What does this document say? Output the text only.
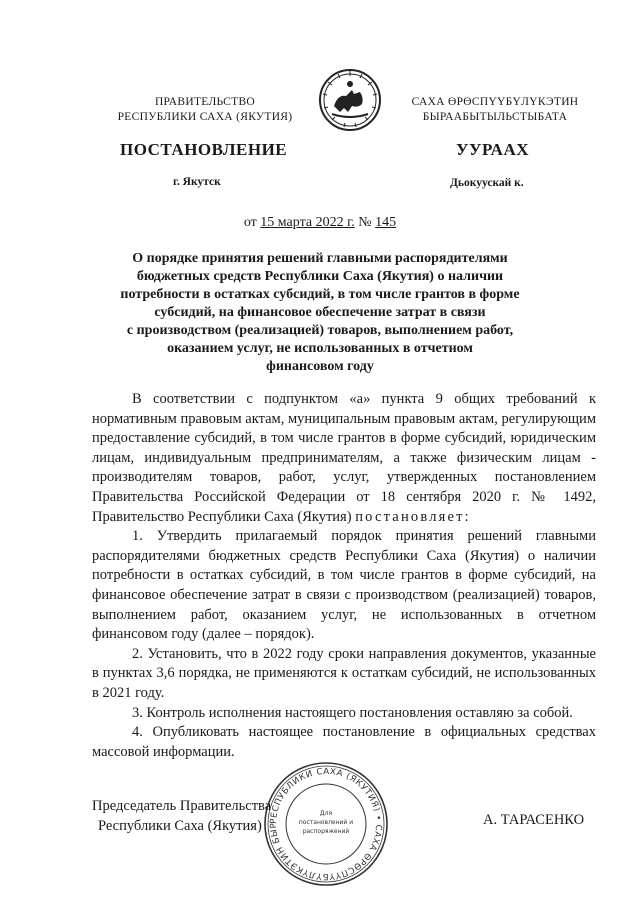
ПРАВИТЕЛЬСТВО
РЕСПУБЛИКИ САХА (ЯКУТИЯ)
САХА ӨРӨСПҮҮБҮЛҮКЭТИН
БЫРААБЫТЫЛЬСТЫБАТА
ПОСТАНОВЛЕНИЕ	УУРААХ
г. Якутск	Дьокуускай к.
от 15 марта 2022 г. № 145
О порядке принятия решений главными распорядителями
бюджетных средств Республики Саха (Якутия) о наличии
потребности в остатках субсидий, в том числе грантов в форме
субсидий, на финансовое обеспечение затрат в связи
с производством (реализацией) товаров, выполнением работ,
оказанием услуг, не использованных в отчетном
финансовом году

В соответствии с подпунктом «а» пункта 9 общих требований к нормативным правовым актам, муниципальным правовым актам, регулирующим предоставление субсидий, в том числе грантов в форме субсидий, юридическим лицам, индивидуальным предпринимателям, а также физическим лицам - производителям товаров, работ, услуг, утвержденных постановлением Правительства Российской Федерации от 18 сентября 2020 г. № 1492, Правительство Республики Саха (Якутия) постановляет:

1. Утвердить прилагаемый порядок принятия решений главными распорядителями бюджетных средств Республики Саха (Якутия) о наличии потребности в остатках субсидий, в том числе грантов в форме субсидий, на финансовое обеспечение затрат в связи с производством (реализацией) товаров, выполнением работ, оказанием услуг, не использованных в отчетном финансовом году (далее – порядок).

2. Установить, что в 2022 году сроки направления документов, указанные в пунктах 3,6 порядка, не применяются к остаткам субсидий, не использованных в 2021 году.

3. Контроль исполнения настоящего постановления оставляю за собой.

4. Опубликовать настоящее постановление в официальных средствах массовой информации.

Председатель Правительства
Республики Саха (Якутия)	А. ТАРАСЕНКО
РЕСПУБЛИКИ САХА (ЯКУТИЯ) • САХА ӨРӨСПҮҮБҮЛҮКЭТИН БЫР
Для
постановлений и
распоряжений
